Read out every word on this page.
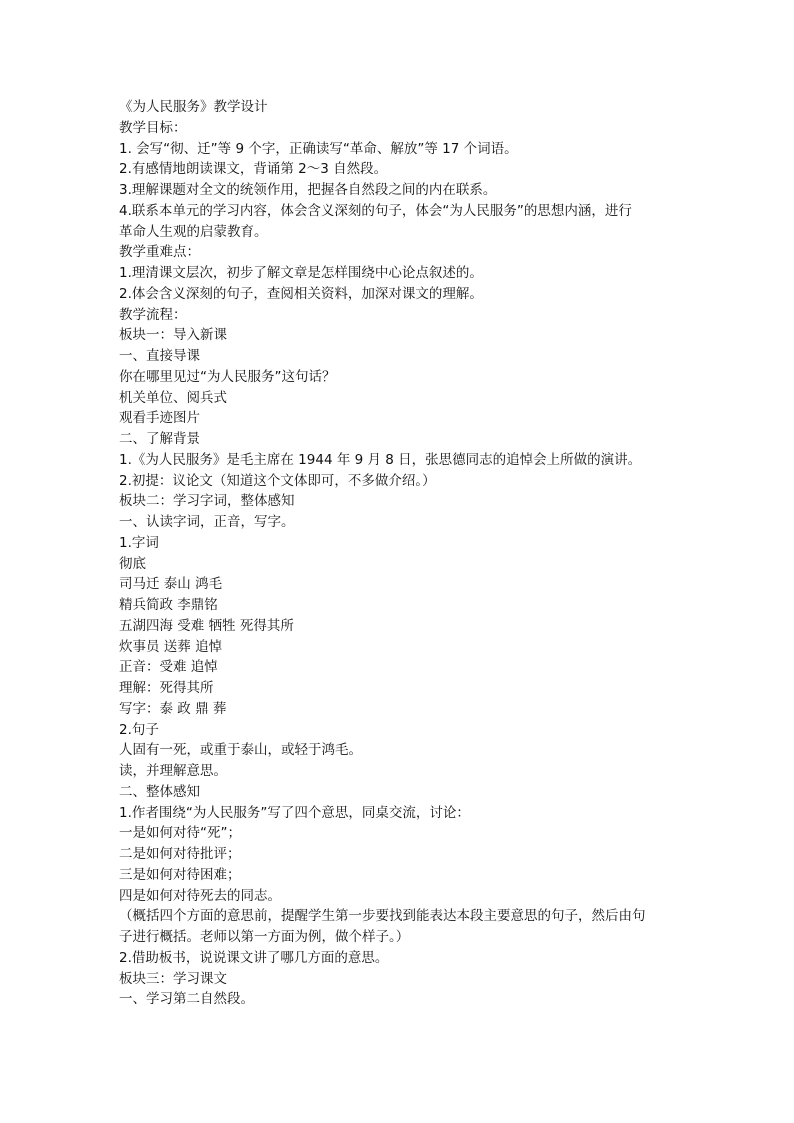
《为人民服务》教学设计
教学目标：
1. 会写“彻、迁”等 9 个字，正确读写“革命、解放”等 17 个词语。
2.有感情地朗读课文，背诵第 2～3 自然段。
3.理解课题对全文的统领作用，把握各自然段之间的内在联系。
4.联系本单元的学习内容，体会含义深刻的句子，体会“为人民服务”的思想内涵，进行
革命人生观的启蒙教育。
教学重难点：
1.理清课文层次，初步了解文章是怎样围绕中心论点叙述的。
2.体会含义深刻的句子，查阅相关资料，加深对课文的理解。
教学流程：
板块一：导入新课
一、直接导课
你在哪里见过“为人民服务”这句话？
机关单位、阅兵式
观看手迹图片
二、了解背景
1.《为人民服务》是毛主席在 1944 年 9 月 8 日，张思德同志的追悼会上所做的演讲。
2.初提：议论文（知道这个文体即可，不多做介绍。）
板块二：学习字词，整体感知
一、认读字词，正音，写字。
1.字词
彻底
司马迁 泰山 鸿毛
精兵简政 李鼎铭
五湖四海 受难 牺牲 死得其所
炊事员 送葬 追悼
正音：受难 追悼
理解：死得其所
写字：泰 政 鼎 葬
2.句子
人固有一死，或重于泰山，或轻于鸿毛。
读，并理解意思。
二、整体感知
1.作者围绕“为人民服务”写了四个意思，同桌交流，讨论：
一是如何对待“死”；
二是如何对待批评；
三是如何对待困难；
四是如何对待死去的同志。
（概括四个方面的意思前，提醒学生第一步要找到能表达本段主要意思的句子，然后由句
子进行概括。老师以第一方面为例，做个样子。）
2.借助板书，说说课文讲了哪几方面的意思。
板块三：学习课文
一、学习第二自然段。
